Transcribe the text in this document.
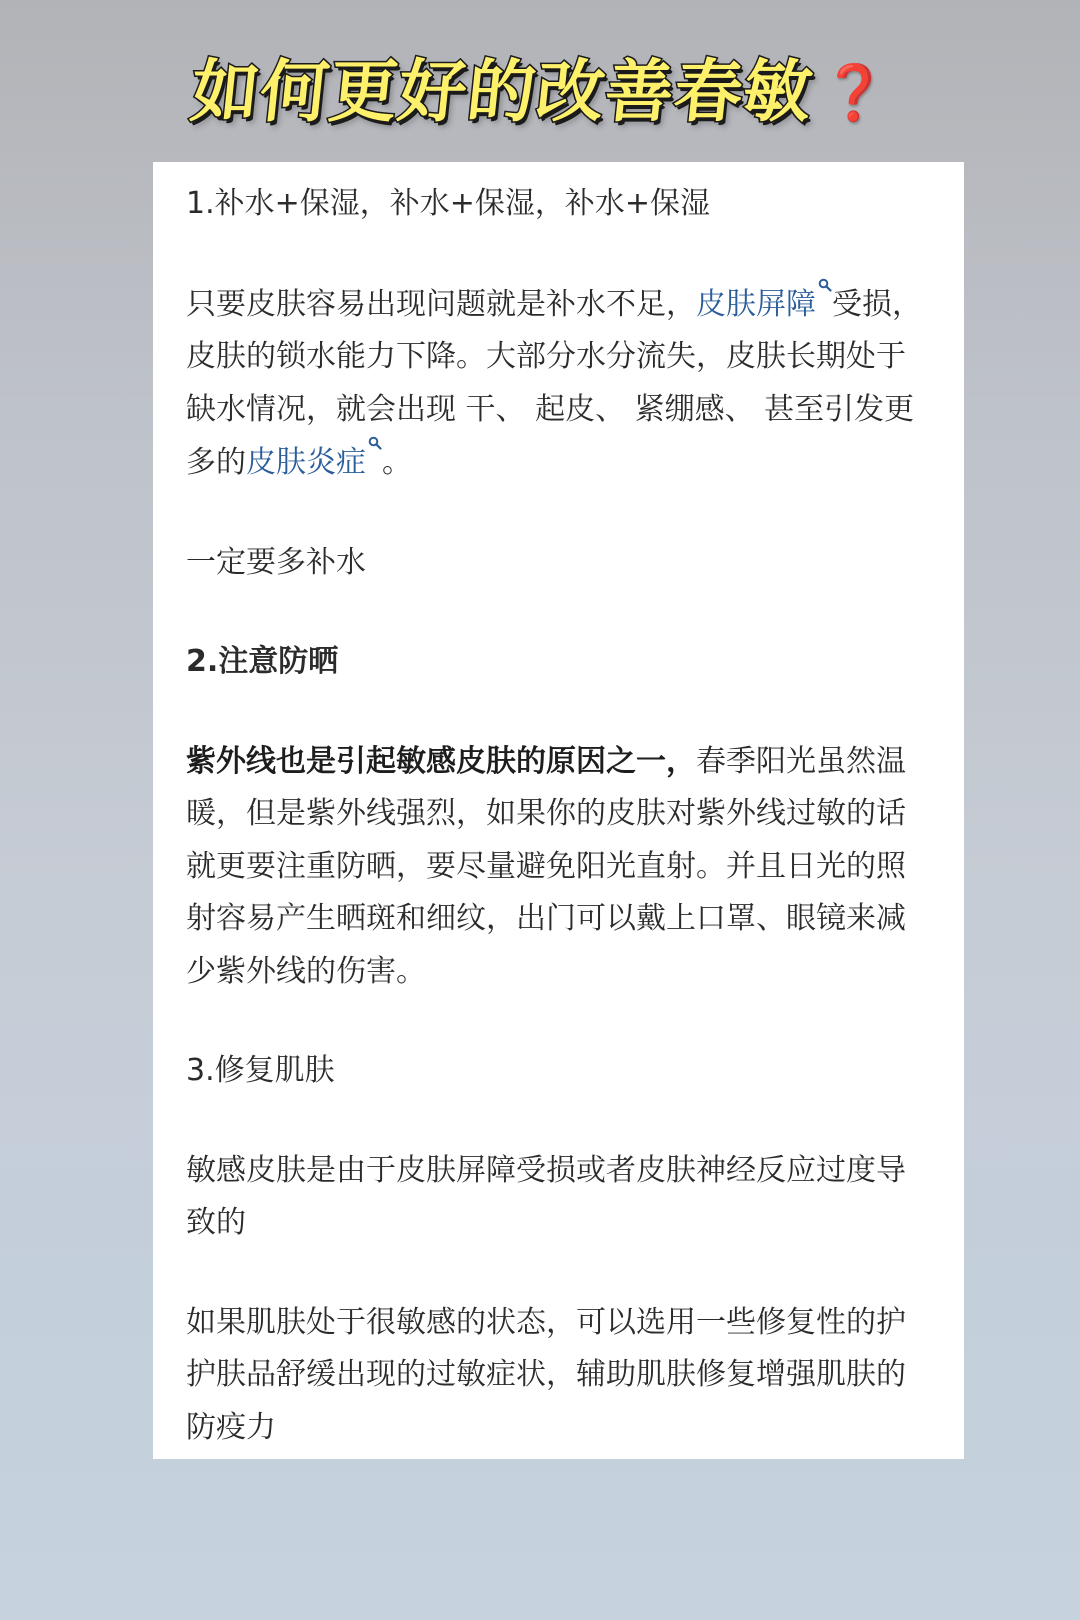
如何更好的改善春敏❓

1.补水+保湿，补水+保湿，补水+保湿

只要皮肤容易出现问题就是补水不足，皮肤屏障 受损，皮肤的锁水能力下降。大部分水分流失，皮肤长期处于缺水情况，就会出现 干、 起皮、 紧绷感、 甚至引发更多的皮肤炎症 。

一定要多补水

2.注意防晒

紫外线也是引起敏感皮肤的原因之一，春季阳光虽然温暖，但是紫外线强烈，如果你的皮肤对紫外线过敏的话就更要注重防晒，要尽量避免阳光直射。并且日光的照射容易产生晒斑和细纹，出门可以戴上口罩、眼镜来减少紫外线的伤害。

3.修复肌肤

敏感皮肤是由于皮肤屏障受损或者皮肤神经反应过度导致的

如果肌肤处于很敏感的状态，可以选用一些修复性的护护肤品舒缓出现的过敏症状，辅助肌肤修复增强肌肤的防疫力
